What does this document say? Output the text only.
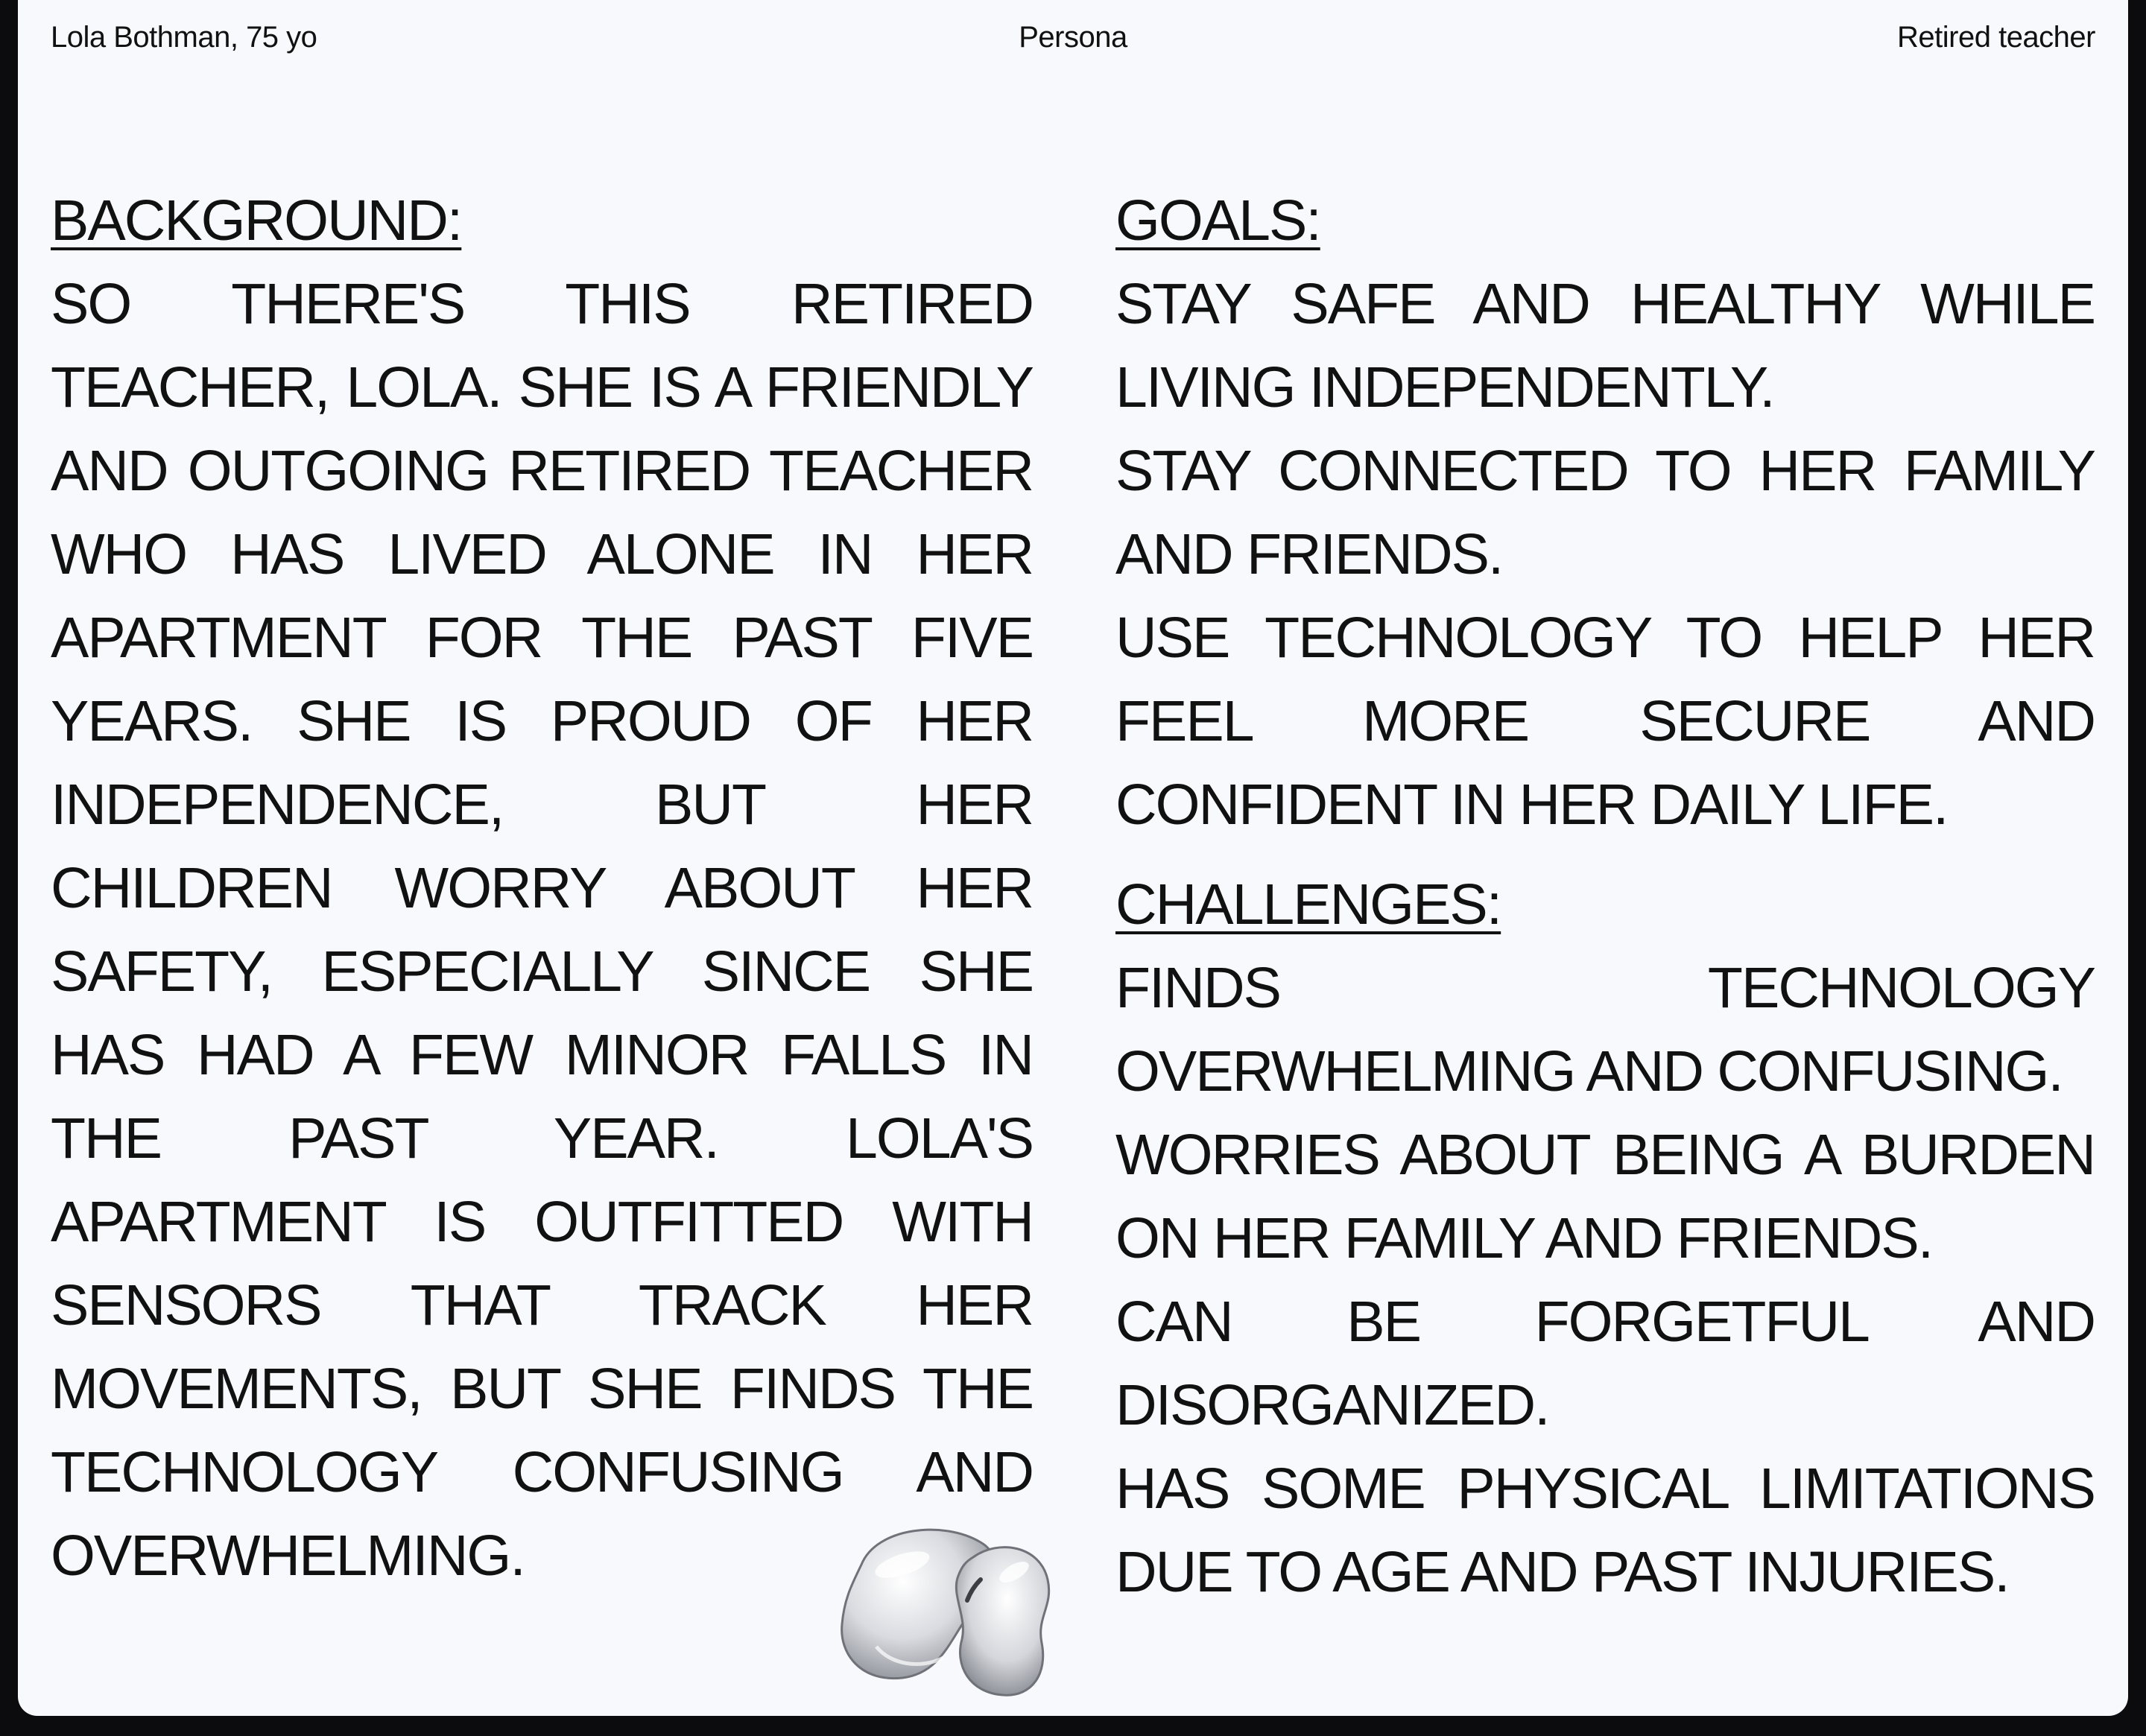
Lola Bothman, 75 yo	Persona	Retired teacher
BACKGROUND:

SO THERE'S THIS RETIRED TEACHER, LOLA. SHE IS A FRIENDLY AND OUTGOING RETIRED TEACHER WHO HAS LIVED ALONE IN HER APARTMENT FOR THE PAST FIVE YEARS. SHE IS PROUD OF HER INDEPENDENCE, BUT HER CHILDREN WORRY ABOUT HER SAFETY, ESPECIALLY SINCE SHE HAS HAD A FEW MINOR FALLS IN THE PAST YEAR. LOLA'S APARTMENT IS OUTFITTED WITH SENSORS THAT TRACK HER MOVEMENTS, BUT SHE FINDS THE TECHNOLOGY CONFUSING AND OVERWHELMING.

GOALS:

STAY SAFE AND HEALTHY WHILE LIVING INDEPENDENTLY.

STAY CONNECTED TO HER FAMILY AND FRIENDS.

USE TECHNOLOGY TO HELP HER FEEL MORE SECURE AND CONFIDENT IN HER DAILY LIFE.

CHALLENGES:

FINDS TECHNOLOGY OVERWHELMING AND CONFUSING.

WORRIES ABOUT BEING A BURDEN ON HER FAMILY AND FRIENDS.

CAN BE FORGETFUL AND DISORGANIZED.

HAS SOME PHYSICAL LIMITATIONS DUE TO AGE AND PAST INJURIES.
